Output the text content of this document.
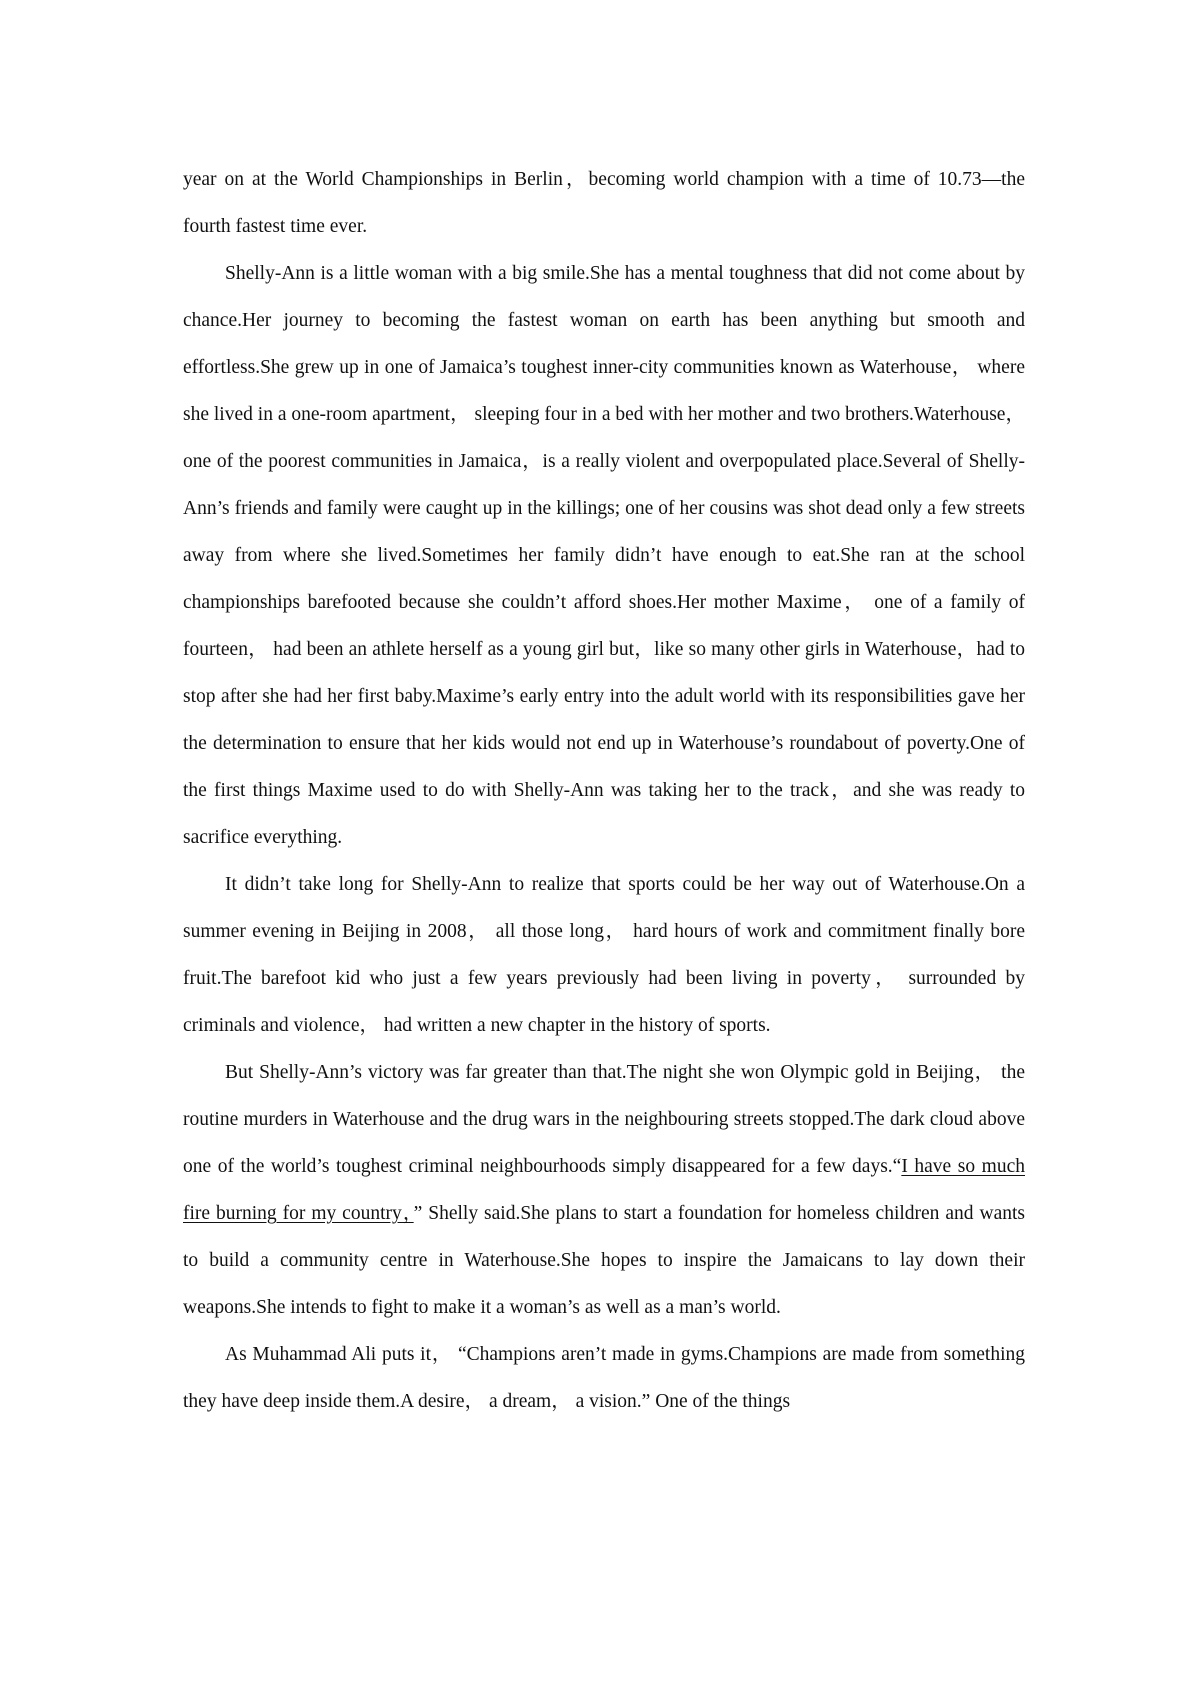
year on at the World Championships in Berlin，becoming world champion with a time of 10.73—the fourth fastest time ever.

Shelly-Ann is a little woman with a big smile.She has a mental toughness that did not come about by chance.Her journey to becoming the fastest woman on earth has been anything but smooth and effortless.She grew up in one of Jamaica’s toughest inner-city communities known as Waterhouse， where she lived in a one-room apartment， sleeping four in a bed with her mother and two brothers.Waterhouse，one of the poorest communities in Jamaica，is a really violent and overpopulated place.Several of Shelly-Ann’s friends and family were caught up in the killings; one of her cousins was shot dead only a few streets away from where she lived.Sometimes her family didn’t have enough to eat.She ran at the school championships barefooted because she couldn’t afford shoes.Her mother Maxime， one of a family of fourteen， had been an athlete herself as a young girl but，like so many other girls in Waterhouse，had to stop after she had her first baby.Maxime’s early entry into the adult world with its responsibilities gave her the determination to ensure that her kids would not end up in Waterhouse’s roundabout of poverty.One of the first things Maxime used to do with Shelly-Ann was taking her to the track，and she was ready to sacrifice everything.

It didn’t take long for Shelly-Ann to realize that sports could be her way out of Waterhouse.On a summer evening in Beijing in 2008， all those long， hard hours of work and commitment finally bore fruit.The barefoot kid who just a few years previously had been living in poverty， surrounded by criminals and violence， had written a new chapter in the history of sports.

But Shelly-Ann’s victory was far greater than that.The night she won Olympic gold in Beijing， the routine murders in Waterhouse and the drug wars in the neighbouring streets stopped.The dark cloud above one of the world’s toughest criminal neighbourhoods simply disappeared for a few days.“I have so much fire burning for my country，” Shelly said.She plans to start a foundation for homeless children and wants to build a community centre in Waterhouse.She hopes to inspire the Jamaicans to lay down their weapons.She intends to fight to make it a woman’s as well as a man’s world.

As Muhammad Ali puts it， “Champions aren’t made in gyms.Champions are made from something they have deep inside them.A desire， a dream， a vision.” One of the things
